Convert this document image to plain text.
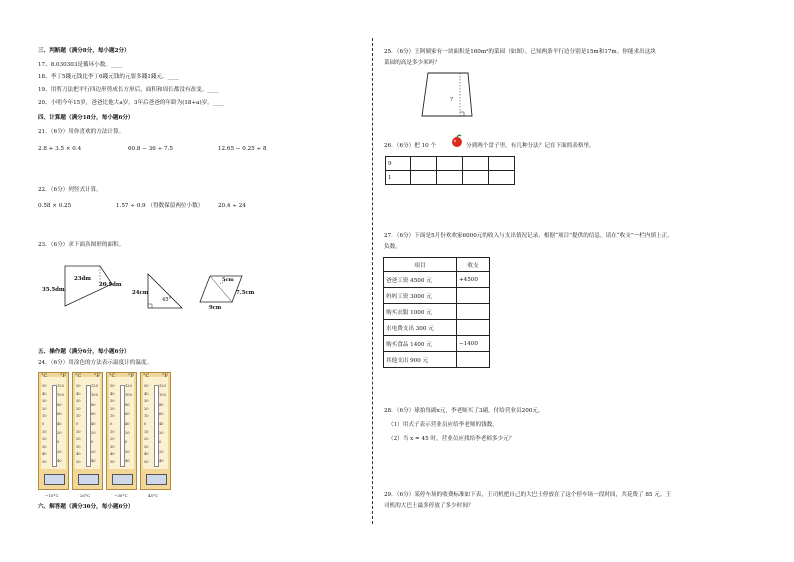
三、判断题（满分8分，每小题2分）
17、8.030303是循环小数。____
18、李丁5錢元钱比李丁6錢元钱的元要多錢1錢元。____
19、用剪刀法把平行四边形剪成长方形后，面积和周长都没有改变。____
20、小明今年15岁，爸爸比他大a岁，3年后爸爸的年龄为(18+a)岁。____
四、计算题（满分18分，每小题6分）
21．（6分）用你喜欢的方法计算。
2.8 + 3.5 × 0.4	60.8 − 36 ÷ 7.5	12.65 − 0.25 ÷ 8
22．（6分）列竖式计算。
0.58 × 0.25	1.57 ÷ 0.9 （得数保留两位小数）	20.4 ÷ 24
23．（6分）求下面各图形的面积。
23dm
20.5dm
35.5dm	24cm
45°
5cm
7.5cm
9cm
五、操作题（满分6分，每小题6分）
24．（6分）用涂色的方法表示温度计的温度。
°C	°F
50
40
30
20
10
0
10
20
30
40
50
120
100
80
60
40
20
0
20
40
°C	°F
50
40
30
20
10
0
10
20
30
40
50
120
100
80
60
40
20
0
20
40
°C	°F
50
40
30
20
10
0
10
20
30
40
50
120
100
80
60
40
20
0
20
40
°C	°F
50
40
30
20
10
0
10
20
30
40
50
120
100
80
60
40
20
0
20
40
−10°C	20°C	−30°C	45°C
六、解答题（满分36分，每小题6分）
25．（6分）王阿姨家有一块面积是160m²的菜园（如图）。已知两条平行边分别是15m和17m。你能求出这块
菜园的高是多少米吗？
?
26．（6分）把 10 个	分到两个盘子里，有几种分法？记在下面的表格里。
9				
1				
27．（6分）下面是5月份欢欢家6000元的收入与支出情况记录，根据“项目”提供的信息，请在“收支”一栏内填上正、
负数。
项目	收支
爸爸工资 4500 元	+4500
妈妈工资 3000 元	
购买衣服 1000 元	
水电费支出 300 元	
购买食品 1400 元	−1400
其他支出 900 元	
28．（6分）球拍每副x元，李老师买了3副，付给营业员200元。
（1）用式子表示营业员应给李老师的钱数。
（2）当 x = 45 时，营业员应找给李老师多少元？
29．（6分）某停车场的收费标准如下表，王司机把自己的大巴士停放在了这个停车场一段时间，共花费了 85 元。王
司机的大巴士最多停放了多少时间？
